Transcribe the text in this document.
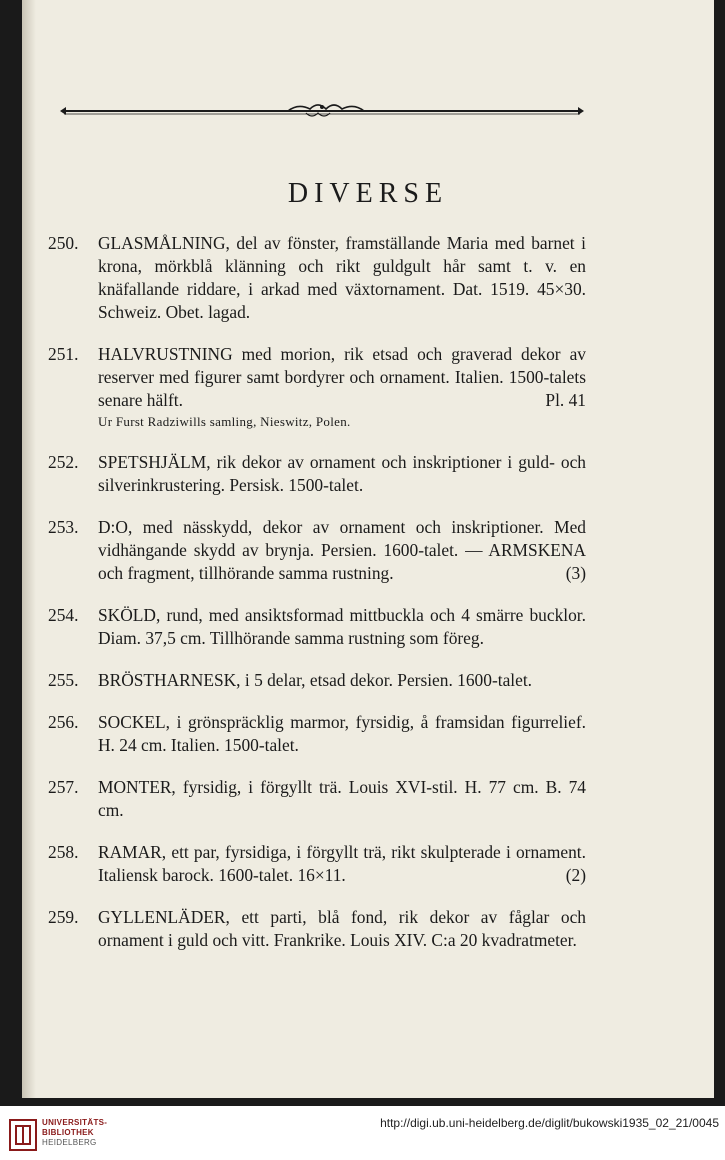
DIVERSE
250. GLASMÅLNING, del av fönster, framställande Maria med barnet i krona, mörkblå klänning och rikt guldgult hår samt t. v. en knäfallande riddare, i arkad med växtornament. Dat. 1519. 45×30. Schweiz. Obet. lagad.
251. HALVRUSTNING med morion, rik etsad och graverad dekor av reserver med figurer samt bordyrer och ornament. Italien. 1500-talets senare hälft.	Pl. 41
Ur Furst Radziwills samling, Nieswitz, Polen.
252. SPETSHJÄLM, rik dekor av ornament och inskriptioner i guld- och silverinkrustering. Persisk. 1500-talet.
253. D:O, med nässkydd, dekor av ornament och inskriptioner. Med vidhängande skydd av brynja. Persien. 1600-talet. — ARMSKENA och fragment, tillhörande samma rustning.	(3)
254. SKÖLD, rund, med ansiktsformad mittbuckla och 4 smärre bucklor. Diam. 37,5 cm. Tillhörande samma rustning som föreg.
255. BRÖSTHARNESK, i 5 delar, etsad dekor. Persien. 1600-talet.
256. SOCKEL, i grönspräcklig marmor, fyrsidig, å framsidan figurrelief. H. 24 cm. Italien. 1500-talet.
257. MONTER, fyrsidig, i förgyllt trä. Louis XVI-stil. H. 77 cm. B. 74 cm.
258. RAMAR, ett par, fyrsidiga, i förgyllt trä, rikt skulpterade i ornament. Italiensk barock. 1600-talet. 16×11.	(2)
259. GYLLENLÄDER, ett parti, blå fond, rik dekor av fåglar och ornament i guld och vitt. Frankrike. Louis XIV. C:a 20 kvadratmeter.
UNIVERSITÄTS-
BIBLIOTHEK
HEIDELBERG
http://digi.ub.uni-heidelberg.de/diglit/bukowski1935_02_21/0045
